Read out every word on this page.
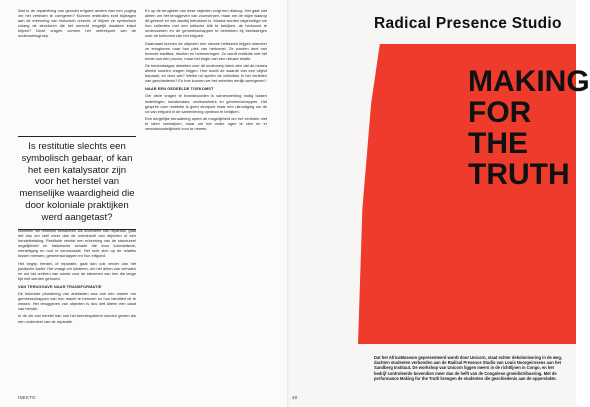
Wat is de repatriëring van geroofd erfgoed anders dan een poging om het verleden te corrigeren? Kunnen restituties echt bijdragen aan de erkenning van historisch onrecht, of blijven ze symbolisch zolang de structuren die het onrecht mogelijk maakten intact blijven? Deze vragen vormen het vertrekpunt van de onderzoeksgroep.

Is restitutie slechts een symbolisch gebaar, of kan het een katalysator zijn voor het herstel van menselijke waardigheid die door koloniale praktijken werd aangetast?

Wanneer we restitutie benaderen als onderdeel van reparatie, gaat het dus om veel meer dan de overdracht van objecten of een herstelbetaling. Restitutie vereist een erkenning van de structureel ongelijkheid en historische schade die door kolonialisme, vernietiging en roof is veroorzaakt. Het richt zich op de relaties tussen mensen, gemeenschappen en hun erfgoed.

Het begrip herstel, of reparatie, gaat dan ook verder dan het juridische kader. Het vraagt om luisteren, om het delen van verhalen en om het creëren van ruimte voor de stemmen van hen die lange tijd niet werden gehoord.

VAN TERUGGAVE NAAR TRANSFORMATIE

De koloniale plundering van artefacten was ook een manier om gemeenschappen van hun macht te beroven en hun identiteit uit te wissen. Het teruggeven van objecten is dus niet alleen een daad van herstel.

In de zin van herstel kan ook het kennissysteem worden gezien als een onderdeel van de reparatie.

En op de terugkeer van deze objecten volgt een dialoog. Het gaat niet alleen om het teruggeven van voorwerpen, maar om de wijze waarop dit gebeurt en wie daarbij betrokken is. Musea worden uitgenodigd om hun collecties met een kritische blik te bekijken, de herkomst te onderzoeken en de gemeenschappen te betrekken bij beslissingen over de toekomst van het erfgoed.

Daarnaast kunnen de objecten een nieuwe betekenis krijgen wanneer ze terugkeren naar hun plek van herkomst. Ze worden deel van levende tradities, rituelen en herinneringen. Zo wordt restitutie niet het einde van een proces, maar het begin van een nieuwe relatie.

De hedendaagse debatten over dit onderwerp laten zien dat de musea allerlei soorten vragen krijgen. Hoe wordt de waarde van een object bepaald, en door wie? Welke rol spelen de collecties in het vertellen van geschiedenis? En hoe kunnen we het verleden eerlijk weergeven?

NAAR EEN GEDEELDE TOEKOMST

Om deze vragen te beantwoorden is samenwerking nodig tussen instellingen, kunstenaars, onderzoekers en gemeenschappen. Het gesprek over restitutie is geen eindpunt maar een uitnodiging om de rol van erfgoed in de samenleving opnieuw te bekijken.

Een dergelijke benadering opent de mogelijkheid om het verleden niet te laten verdwijnen, maar om het onder ogen te zien en er verantwoordelijkheid voor te nemen.

INEKTO
Radical Presence Studio
MAKING
FOR
THE
TRUTH
Dat het AfricaMuseum gepresenteerd wordt door Unicorn, staat echter dekolonisering in de weg, dachten studenten verbonden aan de Radical Presence Studio van Louis Noorgeirssens aan het Sandberg Instituut. De workshop van Unicorn liggen meers in de richtlijnen in Congo, en het bedrijf controleerde bovendien meer dan de helft van de Congolese groeidistribuering. Met de performance Making for the Truth brengen de studenten die geschiedenis aan de oppervlakte.
40
